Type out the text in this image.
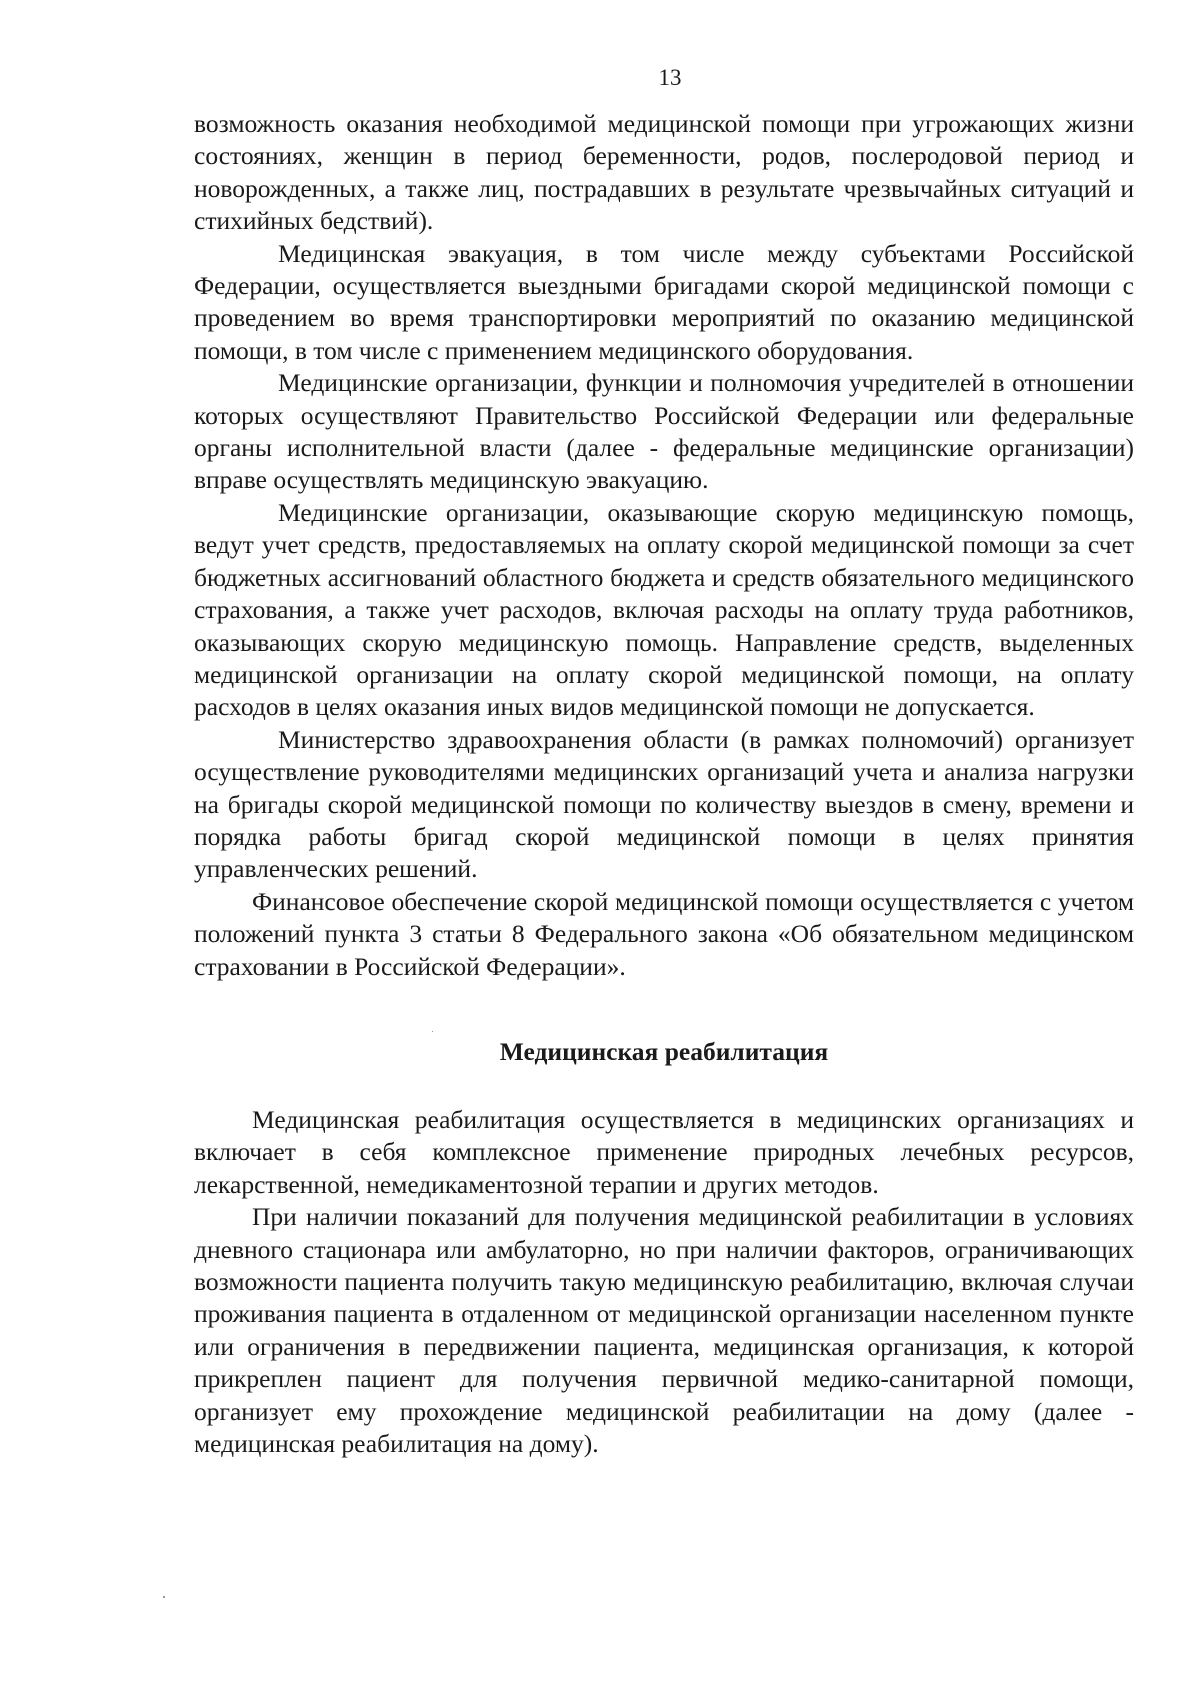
13

возможность оказания необходимой медицинской помощи при угрожающих жизни состояниях, женщин в период беременности, родов, послеродовой период и новорожденных, а также лиц, пострадавших в результате чрезвычайных ситуаций и стихийных бедствий).

Медицинская эвакуация, в том числе между субъектами Российской Федерации, осуществляется выездными бригадами скорой медицинской помощи с проведением во время транспортировки мероприятий по оказанию медицинской помощи, в том числе с применением медицинского оборудования.

Медицинские организации, функции и полномочия учредителей в отношении которых осуществляют Правительство Российской Федерации или федеральные органы исполнительной власти (далее - федеральные медицинские организации) вправе осуществлять медицинскую эвакуацию.

Медицинские организации, оказывающие скорую медицинскую помощь, ведут учет средств, предоставляемых на оплату скорой медицинской помощи за счет бюджетных ассигнований областного бюджета и средств обязательного медицинского страхования, а также учет расходов, включая расходы на оплату труда работников, оказывающих скорую медицинскую помощь. Направление средств, выделенных медицинской организации на оплату скорой медицинской помощи, на оплату расходов в целях оказания иных видов медицинской помощи не допускается.

Министерство здравоохранения области (в рамках полномочий) организует осуществление руководителями медицинских организаций учета и анализа нагрузки на бригады скорой медицинской помощи по количеству выездов в смену, времени и порядка работы бригад скорой медицинской помощи в целях принятия управленческих решений.

Финансовое обеспечение скорой медицинской помощи осуществляется с учетом положений пункта 3 статьи 8 Федерального закона «Об обязательном медицинском страховании в Российской Федерации».

Медицинская реабилитация

Медицинская реабилитация осуществляется в медицинских организациях и включает в себя комплексное применение природных лечебных ресурсов, лекарственной, немедикаментозной терапии и других методов.

При наличии показаний для получения медицинской реабилитации в условиях дневного стационара или амбулаторно, но при наличии факторов, ограничивающих возможности пациента получить такую медицинскую реабилитацию, включая случаи проживания пациента в отдаленном от медицинской организации населенном пункте или ограничения в передвижении пациента, медицинская организация, к которой прикреплен пациент для получения первичной медико-санитарной помощи, организует ему прохождение медицинской реабилитации на дому (далее - медицинская реабилитация на дому).
